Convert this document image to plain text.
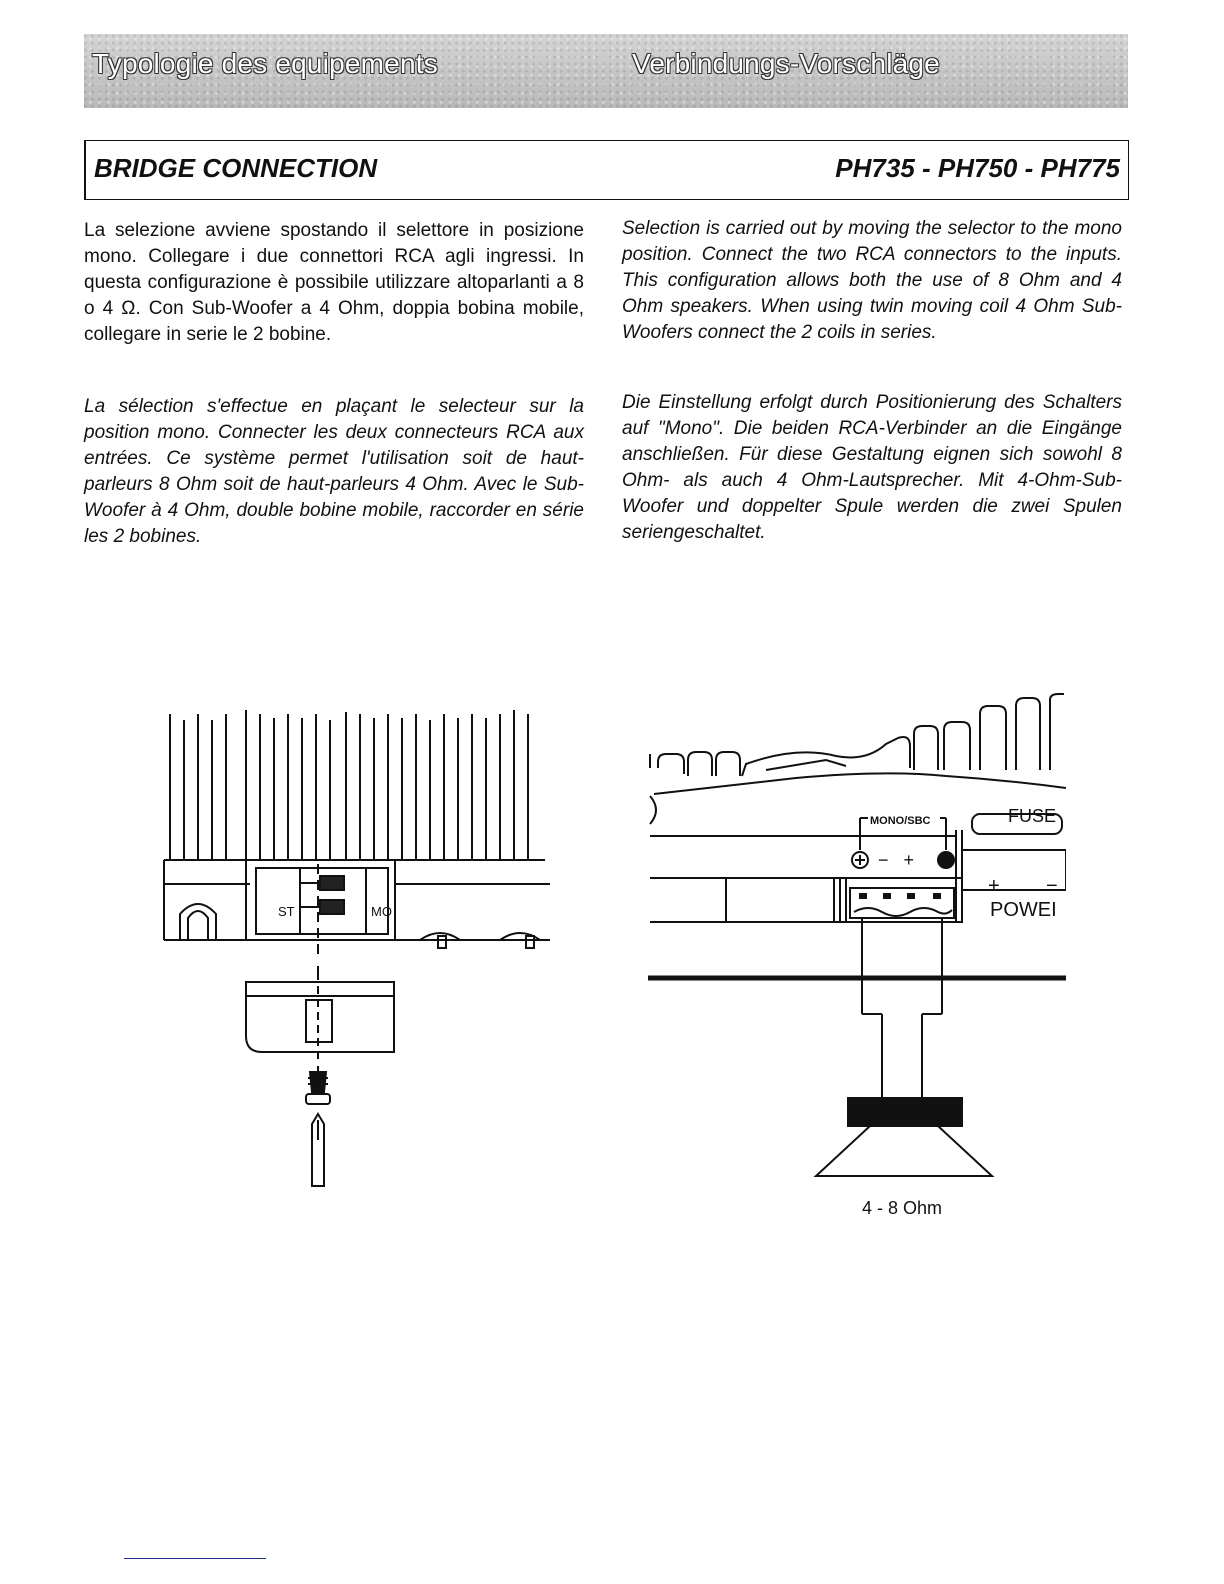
Typologie des equipements	Verbindungs-Vorschläge
BRIDGE CONNECTION	PH735 - PH750 - PH775

La selezione avviene spostando il selettore in posizione mono. Collegare i due connettori RCA agli ingressi. In questa configurazione è possibile utilizzare altoparlanti a 8 o 4 Ω. Con Sub-Woofer a 4 Ohm, doppia bobina mobile, collegare in serie le 2 bobine.

Selection is carried out by moving the selector to the mono position. Connect the two RCA connectors to the inputs. This configuration allows both the use of 8 Ohm and 4 Ohm speakers. When using twin moving coil 4 Ohm Sub-Woofers connect the 2 coils in series.

La sélection s'effectue en plaçant le selecteur sur la position mono. Connecter les deux connecteurs RCA aux entrées. Ce système permet l'utilisation soit de haut-parleurs 8 Ohm soit de haut-parleurs 4 Ohm. Avec le Sub-Woofer à 4 Ohm, double bobine mobile, raccorder en série les 2 bobines.

Die Einstellung erfolgt durch Positionierung des Schalters auf "Mono". Die beiden RCA-Verbinder an die Eingänge anschließen. Für diese Gestaltung eignen sich sowohl 8 Ohm- als auch 4 Ohm-Lautsprecher. Mit 4-Ohm-Sub-Woofer und doppelter Spule werden die zwei Spulen seriengeschaltet.

ST	MO
MONO/SBC	FUSE
−   +
+ −
POWEI
4 - 8 Ohm
